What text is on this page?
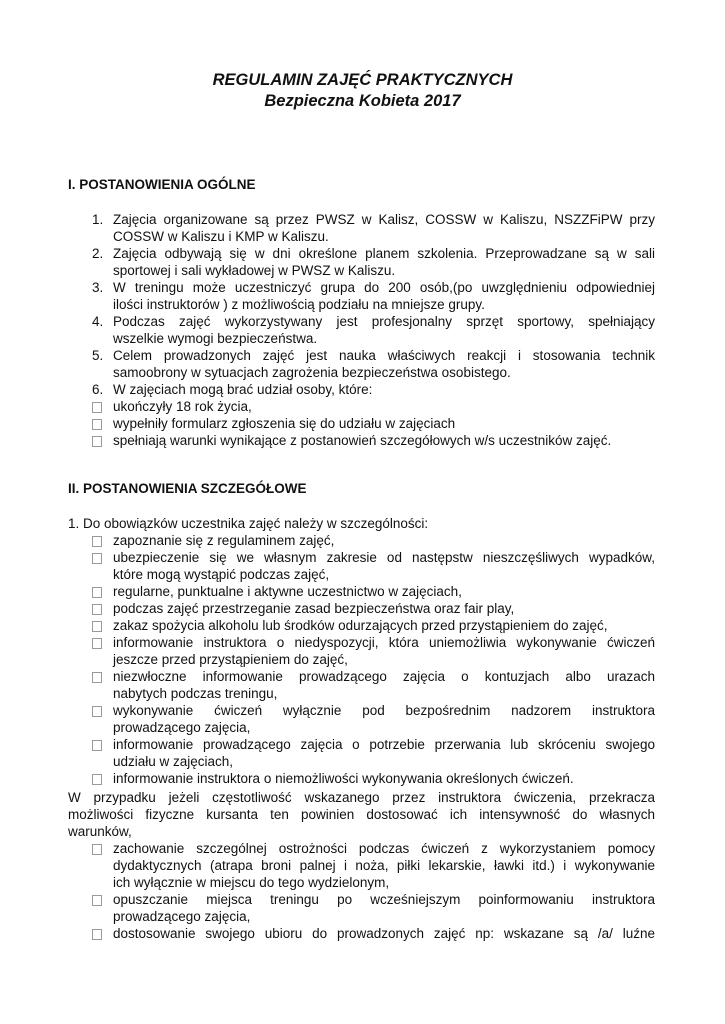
REGULAMIN ZAJĘĆ PRAKTYCZNYCH
Bezpieczna Kobieta 2017
I. POSTANOWIENIA OGÓLNE
1. Zajęcia organizowane są przez PWSZ w Kalisz, COSSW w Kaliszu, NSZZFiPW przy
COSSW w Kaliszu i KMP w Kaliszu.
2. Zajęcia odbywają się w dni określone planem szkolenia. Przeprowadzane są w sali
sportowej i sali wykładowej w PWSZ w Kaliszu.
3. W treningu może uczestniczyć grupa do 200 osób,(po uwzględnieniu odpowiedniej
ilości instruktorów ) z możliwością podziału na mniejsze grupy.
4. Podczas zajęć wykorzystywany jest profesjonalny sprzęt sportowy, spełniający
wszelkie wymogi bezpieczeństwa.
5. Celem prowadzonych zajęć jest nauka właściwych reakcji i stosowania technik
samoobrony w sytuacjach zagrożenia bezpieczeństwa osobistego.
6. W zajęciach mogą brać udział osoby, które:
ukończyły 18 rok życia,
wypełniły formularz zgłoszenia się do udziału w zajęciach
spełniają warunki wynikające z postanowień szczegółowych w/s uczestników zajęć.
II. POSTANOWIENIA SZCZEGÓŁOWE
1. Do obowiązków uczestnika zajęć należy w szczególności:
zapoznanie się z regulaminem zajęć,
ubezpieczenie się we własnym zakresie od następstw nieszczęśliwych wypadków,
które mogą wystąpić podczas zajęć,
regularne, punktualne i aktywne uczestnictwo w zajęciach,
podczas zajęć przestrzeganie zasad bezpieczeństwa oraz fair play,
zakaz spożycia alkoholu lub środków odurzających przed przystąpieniem do zajęć,
informowanie instruktora o niedyspozycji, która uniemożliwia wykonywanie ćwiczeń
jeszcze przed przystąpieniem do zajęć,
niezwłoczne informowanie prowadzącego zajęcia o kontuzjach albo urazach
nabytych podczas treningu,
wykonywanie ćwiczeń wyłącznie pod bezpośrednim nadzorem instruktora
prowadzącego zajęcia,
informowanie prowadzącego zajęcia o potrzebie przerwania lub skróceniu swojego
udziału w zajęciach,
informowanie instruktora o niemożliwości wykonywania określonych ćwiczeń.
W przypadku jeżeli częstotliwość wskazanego przez instruktora ćwiczenia, przekracza
możliwości fizyczne kursanta ten powinien dostosować ich intensywność do własnych
warunków,
zachowanie szczególnej ostrożności podczas ćwiczeń z wykorzystaniem pomocy
dydaktycznych (atrapa broni palnej i noża, piłki lekarskie, ławki itd.) i wykonywanie
ich wyłącznie w miejscu do tego wydzielonym,
opuszczanie miejsca treningu po wcześniejszym poinformowaniu instruktora
prowadzącego zajęcia,
dostosowanie swojego ubioru do prowadzonych zajęć np: wskazane są /a/ luźne
